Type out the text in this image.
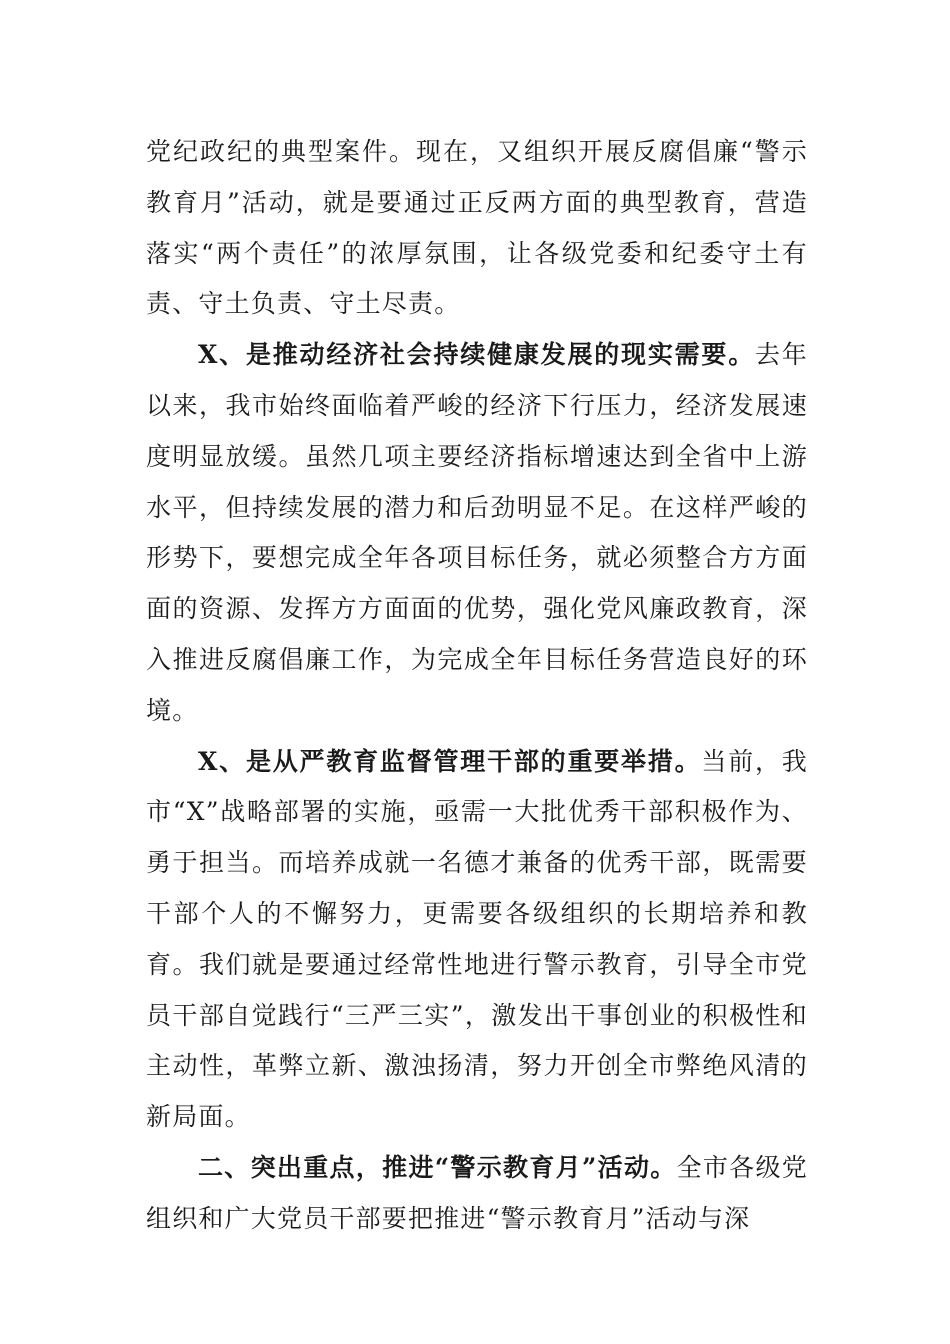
党纪政纪的典型案件。现在，又组织开展反腐倡廉“警示教育月”活动，就是要通过正反两方面的典型教育，营造落实“两个责任”的浓厚氛围，让各级党委和纪委守土有责、守土负责、守土尽责。

X、是推动经济社会持续健康发展的现实需要。去年以来，我市始终面临着严峻的经济下行压力，经济发展速度明显放缓。虽然几项主要经济指标增速达到全省中上游水平，但持续发展的潜力和后劲明显不足。在这样严峻的形势下，要想完成全年各项目标任务，就必须整合方方面面的资源、发挥方方面面的优势，强化党风廉政教育，深入推进反腐倡廉工作，为完成全年目标任务营造良好的环境。

X、是从严教育监督管理干部的重要举措。当前，我市“X”战略部署的实施，亟需一大批优秀干部积极作为、勇于担当。而培养成就一名德才兼备的优秀干部，既需要干部个人的不懈努力，更需要各级组织的长期培养和教育。我们就是要通过经常性地进行警示教育，引导全市党员干部自觉践行“三严三实”，激发出干事创业的积极性和主动性，革弊立新、激浊扬清，努力开创全市弊绝风清的新局面。

二、突出重点，推进“警示教育月”活动。全市各级党组织和广大党员干部要把推进“警示教育月”活动与深
